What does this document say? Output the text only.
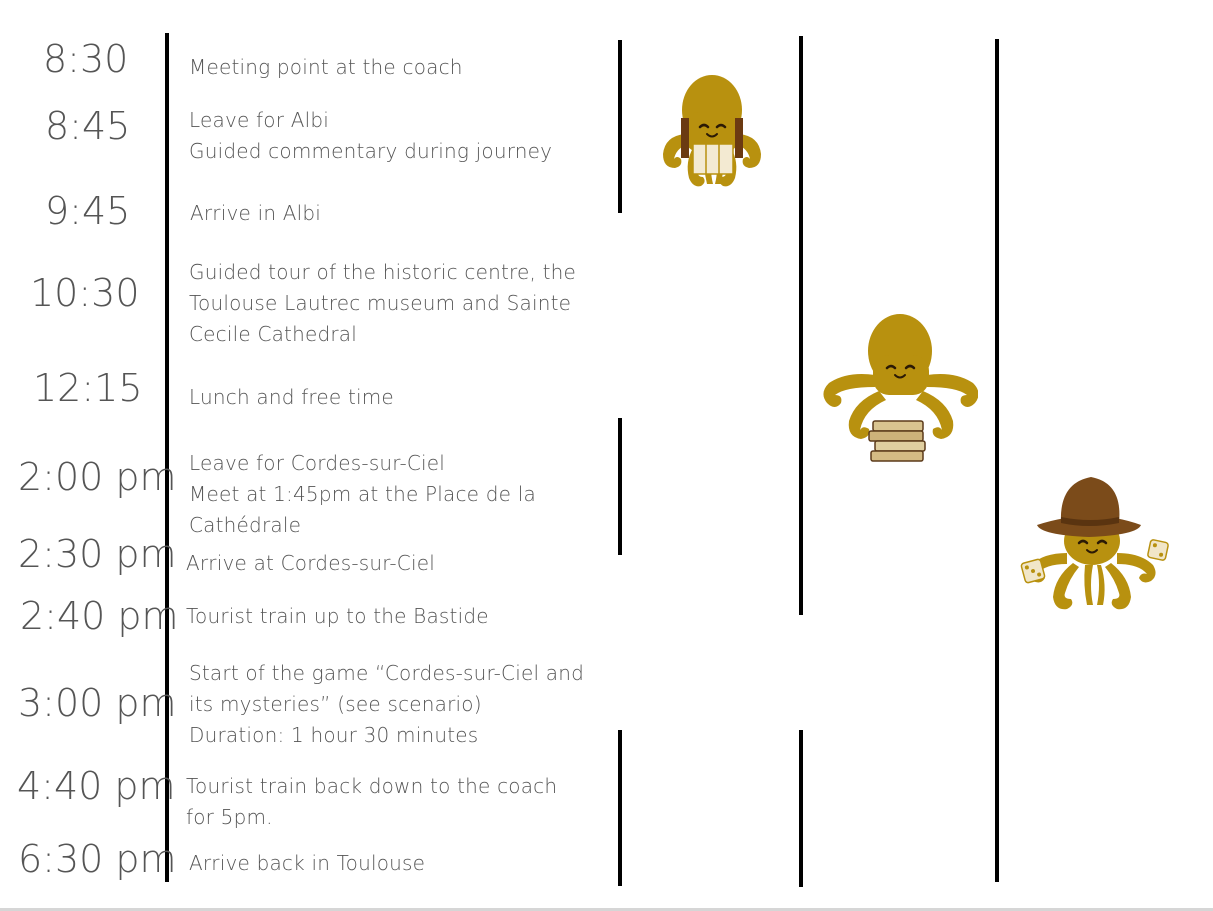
8:30	Meeting point at the coach
8:45	Leave for Albi
Guided commentary during journey
9:45	Arrive in Albi
10:30 Guided tour of the historic centre, the
Toulouse Lautrec museum and Sainte
Cecile Cathedral
12:15 Lunch and free time
2:00 pm Leave for Cordes-sur-Ciel
Meet at 1:45pm at the Place de la
Cathédrale
2:30 pm Arrive at Cordes-sur-Ciel
2:40 pm Tourist train up to the Bastide
3:00 pm
Start of the game “Cordes-sur-Ciel and
its mysteries” (see scenario)
Duration: 1 hour 30 minutes
4:40 pm Tourist train back down to the coach
for 5pm.
6:30 pm Arrive back in Toulouse
